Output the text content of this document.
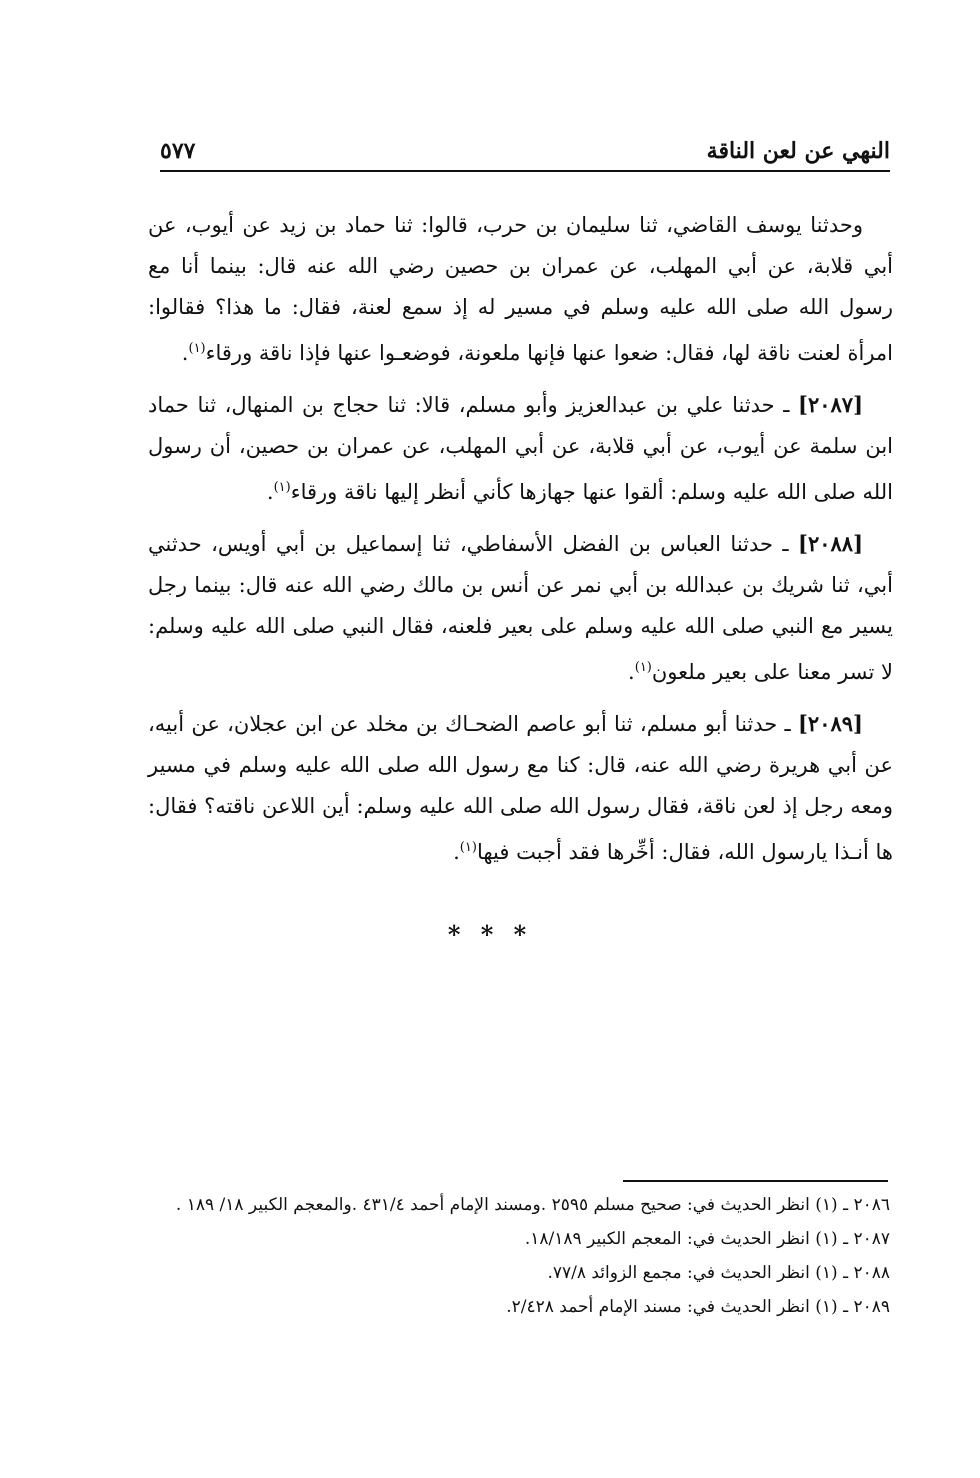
النهي عن لعن الناقة
٥٧٧

وحدثنا يوسف القاضي، ثنا سليمان بن حرب، قالوا: ثنا حماد بن زيد عن أيوب، عن أبي قلابة، عن أبي المهلب، عن عمران بن حصين رضي الله عنه قال: بينما أنا مع رسول الله صلى الله عليه وسلم في مسير له إذ سمع لعنة، فقال: ما هذا؟ فقالوا: امرأة لعنت ناقة لها، فقال: ضعوا عنها فإنها ملعونة، فوضعـوا عنها فإذا ناقة ورقاء$^{(١)}$.

[٢٠٨٧] ـ حدثنا علي بن عبدالعزيز وأبو مسلم، قالا: ثنا حجاج بن المنهال، ثنا حماد ابن سلمة عن أيوب، عن أبي قلابة، عن أبي المهلب، عن عمران بن حصين، أن رسول الله صلى الله عليه وسلم: ألقوا عنها جهازها كأني أنظر إليها ناقة ورقاء$^{(١)}$.

[٢٠٨٨] ـ حدثنا العباس بن الفضل الأسفاطي، ثنا إسماعيل بن أبي أويس، حدثني أبي، ثنا شريك بن عبدالله بن أبي نمر عن أنس بن مالك رضي الله عنه قال: بينما رجل يسير مع النبي صلى الله عليه وسلم على بعير فلعنه، فقال النبي صلى الله عليه وسلم: لا تسر معنا على بعير ملعون$^{(١)}$.

[٢٠٨٩] ـ حدثنا أبو مسلم، ثنا أبو عاصم الضحـاك بن مخلد عن ابن عجلان، عن أبيه، عن أبي هريرة رضي الله عنه، قال: كنا مع رسول الله صلى الله عليه وسلم في مسير ومعه رجل إذ لعن ناقة، فقال رسول الله صلى الله عليه وسلم: أين اللاعن ناقته؟ فقال: ها أنـذا يارسول الله، فقال: أخِّرها فقد أجبت فيها$^{(١)}$.

* * *

٢٠٨٦ ـ (١) انظر الحديث في: صحيح مسلم ٢٥٩٥ .ومسند الإمام أحمد ٤٣١/٤ .والمعجم الكبير ١٨/ ١٨٩ .

٢٠٨٧ ـ (١) انظر الحديث في: المعجم الكبير ١٨/١٨٩.

٢٠٨٨ ـ (١) انظر الحديث في: مجمع الزوائد ٧٧/٨.

٢٠٨٩ ـ (١) انظر الحديث في: مسند الإمام أحمد ٢/٤٢٨.
